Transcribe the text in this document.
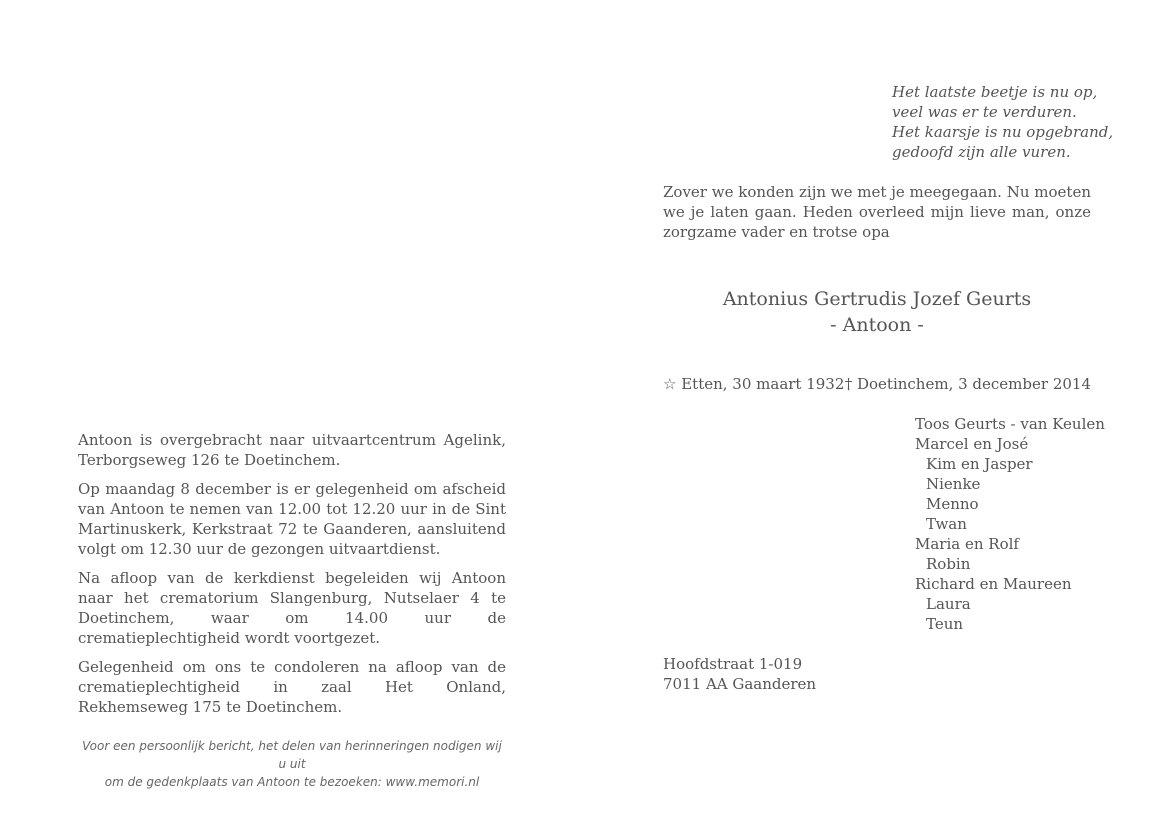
Antoon is overgebracht naar uitvaartcentrum Agelink, Terborgseweg 126 te Doetinchem.

Op maandag 8 december is er gelegenheid om afscheid van Antoon te nemen van 12.00 tot 12.20 uur in de Sint Martinuskerk, Kerkstraat 72 te Gaanderen, aansluitend volgt om 12.30 uur de gezongen uitvaartdienst.

Na afloop van de kerkdienst begeleiden wij Antoon naar het crematorium Slangenburg, Nutselaer 4 te Doetinchem, waar om 14.00 uur de crematieplechtigheid wordt voortgezet.

Gelegenheid om ons te condoleren na afloop van de crematieplechtigheid in zaal Het Onland, Rekhemseweg 175 te Doetinchem.

Voor een persoonlijk bericht, het delen van herinneringen nodigen wij u uit
om de gedenkplaats van Antoon te bezoeken: www.memori.nl
Het laatste beetje is nu op,
veel was er te verduren.
Het kaarsje is nu opgebrand,
gedoofd zijn alle vuren.
Zover we konden zijn we met je meegegaan. Nu moeten we je laten gaan. Heden overleed mijn lieve man, onze zorgzame vader en trotse opa
Antonius Gertrudis Jozef Geurts
- Antoon -
☆ Etten, 30 maart 1932 † Doetinchem, 3 december 2014
Toos Geurts - van Keulen
Marcel en José
Kim en Jasper
Nienke
Menno
Twan
Maria en Rolf
Robin
Richard en Maureen
Laura
Teun
Hoofdstraat 1-019
7011 AA Gaanderen
